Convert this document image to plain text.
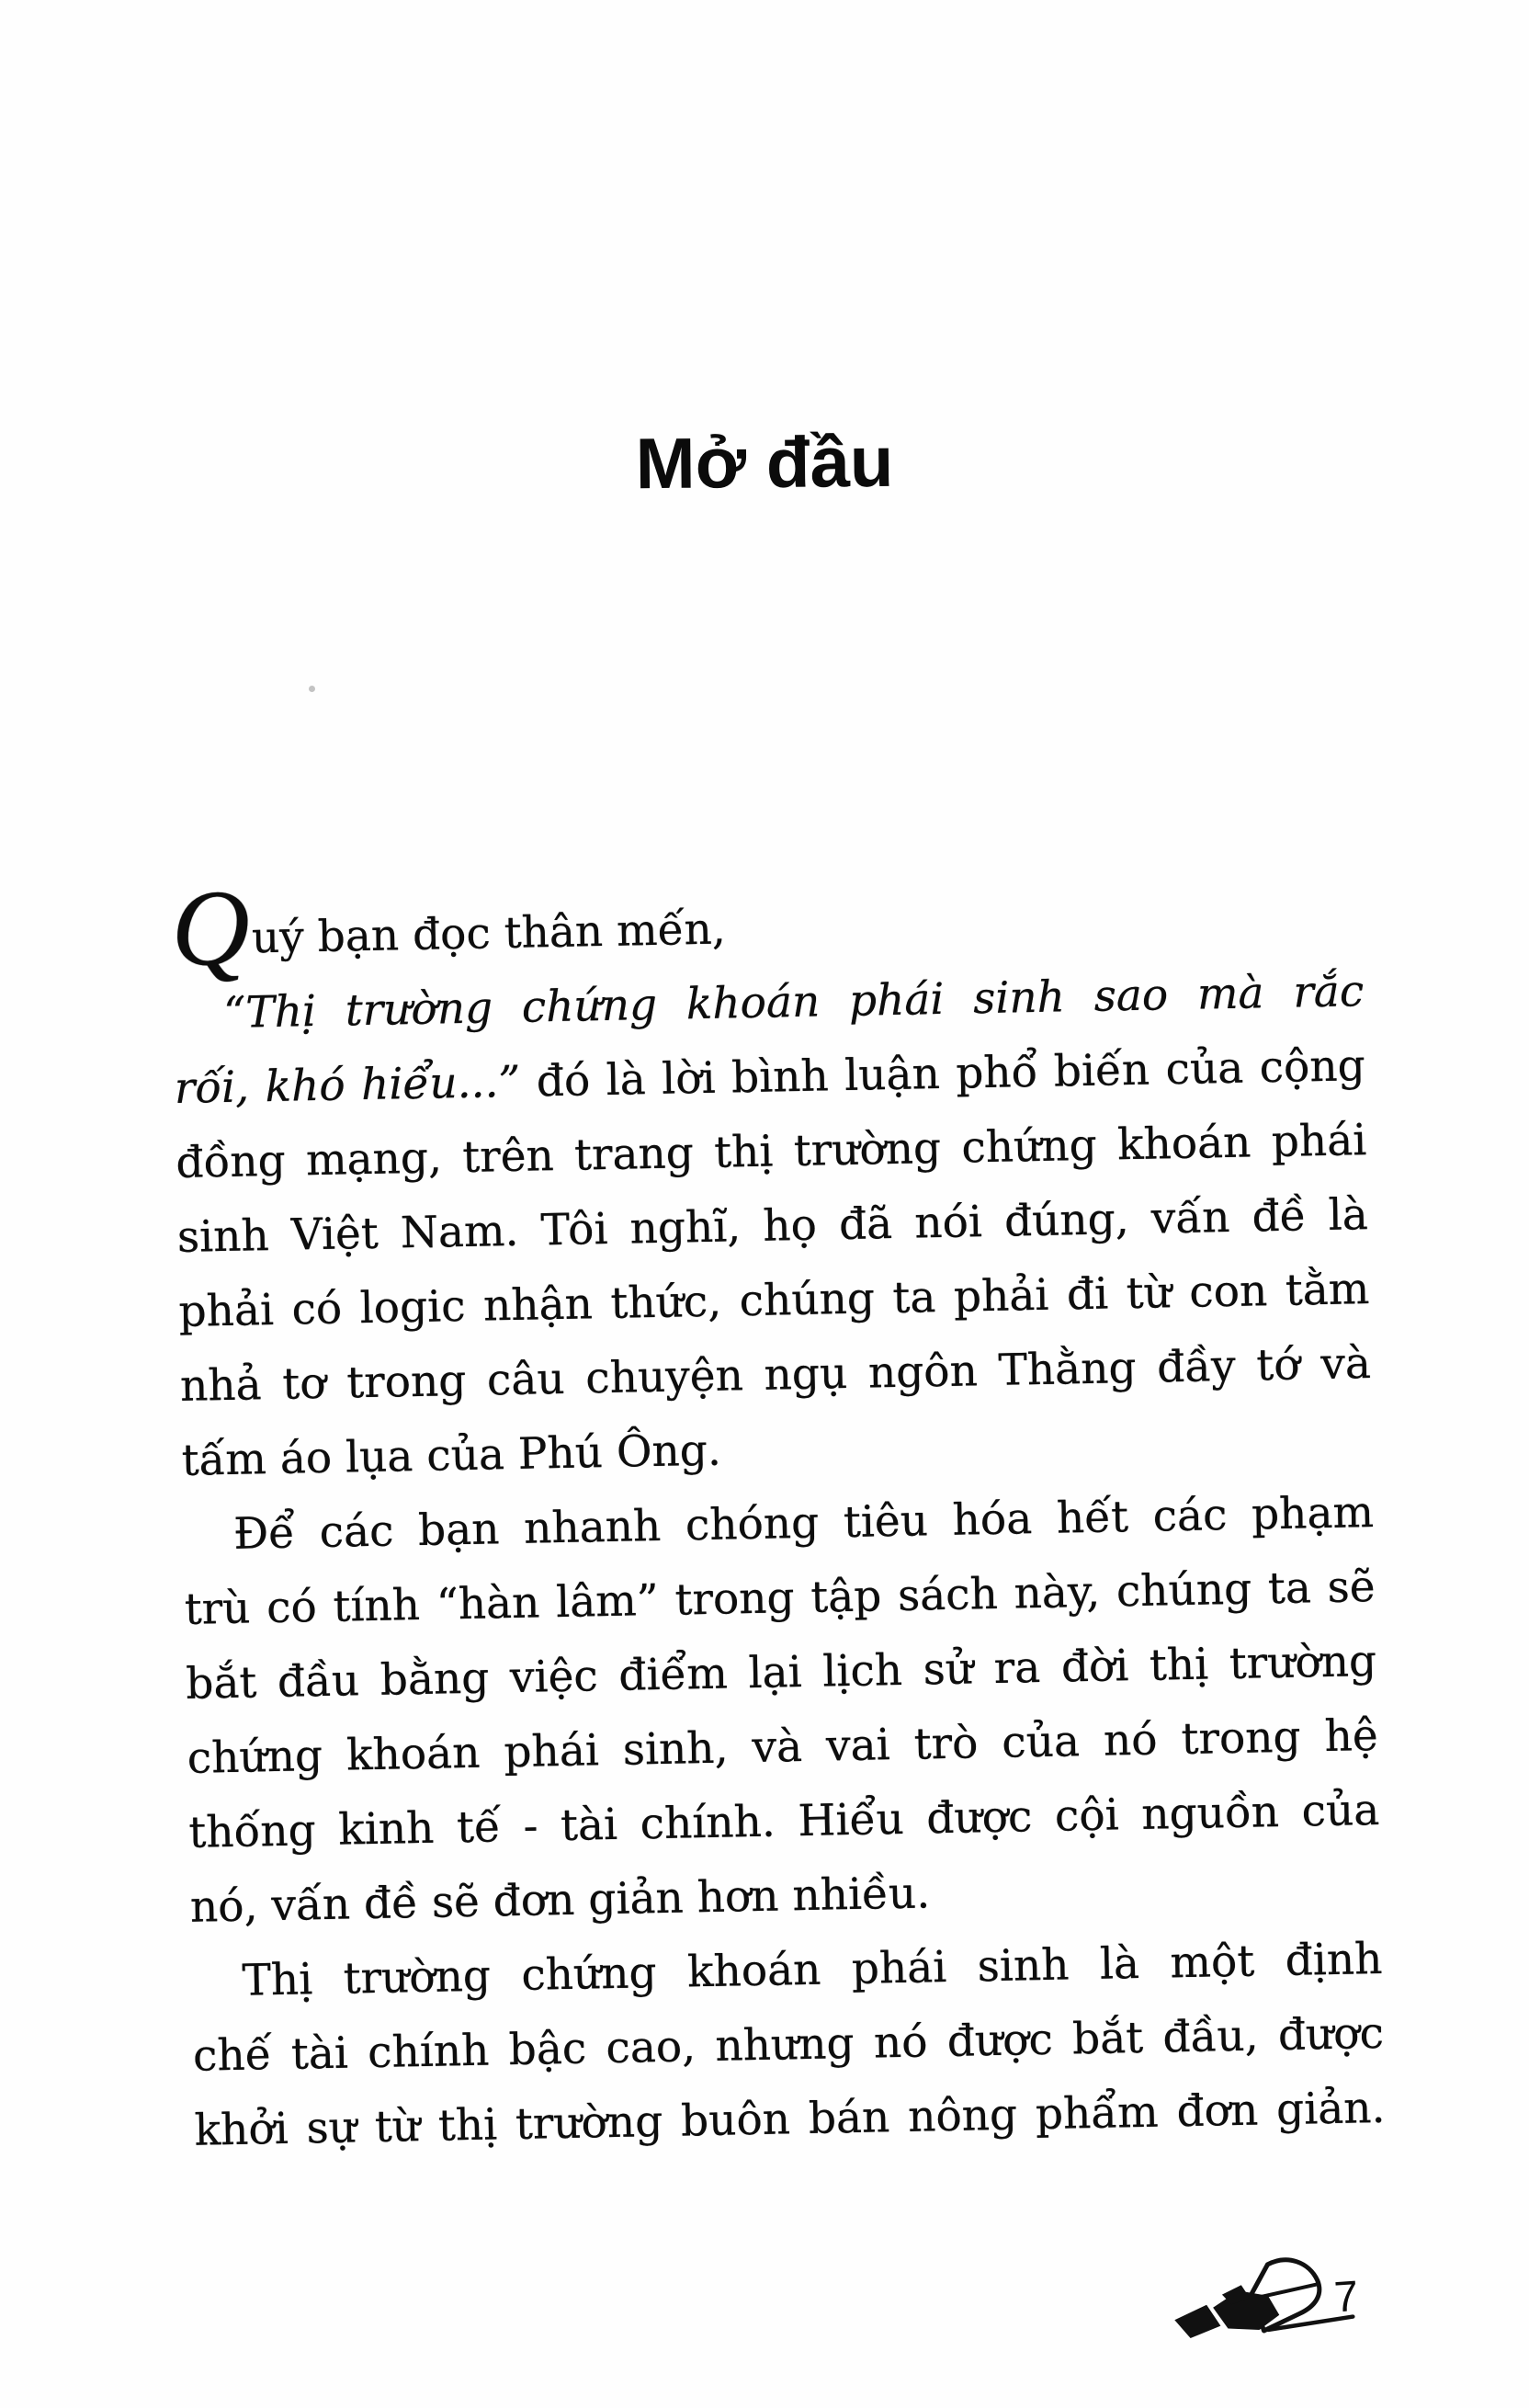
Mở đầu
Quý bạn đọc thân mến,
“Thị trường chứng khoán phái sinh sao mà rắc
rối, khó hiểu...” đó là lời bình luận phổ biến của cộng
đồng mạng, trên trang thị trường chứng khoán phái
sinh Việt Nam. Tôi nghĩ, họ đã nói đúng, vấn đề là
phải có logic nhận thức, chúng ta phải đi từ con tằm
nhả tơ trong câu chuyện ngụ ngôn Thằng đầy tớ và
tấm áo lụa của Phú Ông.
Để các bạn nhanh chóng tiêu hóa hết các phạm
trù có tính “hàn lâm” trong tập sách này, chúng ta sẽ
bắt đầu bằng việc điểm lại lịch sử ra đời thị trường
chứng khoán phái sinh, và vai trò của nó trong hệ
thống kinh tế - tài chính. Hiểu được cội nguồn của
nó, vấn đề sẽ đơn giản hơn nhiều.
Thị trường chứng khoán phái sinh là một định
chế tài chính bậc cao, nhưng nó được bắt đầu, được
khởi sự từ thị trường buôn bán nông phẩm đơn giản.
7
